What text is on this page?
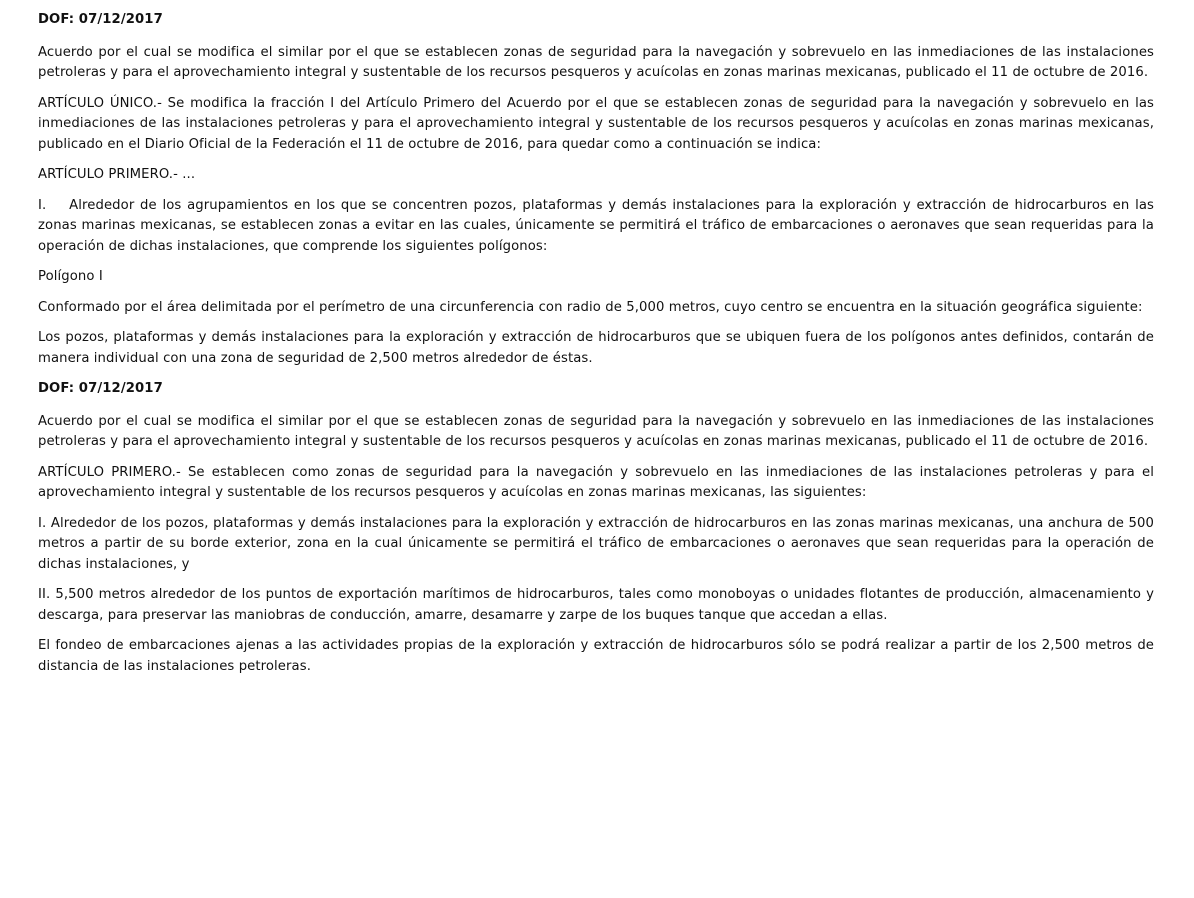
DOF: 07/12/2017

Acuerdo por el cual se modifica el similar por el que se establecen zonas de seguridad para la navegación y sobrevuelo en las inmediaciones de las instalaciones petroleras y para el aprovechamiento integral y sustentable de los recursos pesqueros y acuícolas en zonas marinas mexicanas, publicado el 11 de octubre de 2016.

ARTÍCULO ÚNICO.- Se modifica la fracción I del Artículo Primero del Acuerdo por el que se establecen zonas de seguridad para la navegación y sobrevuelo en las inmediaciones de las instalaciones petroleras y para el aprovechamiento integral y sustentable de los recursos pesqueros y acuícolas en zonas marinas mexicanas, publicado en el Diario Oficial de la Federación el 11 de octubre de 2016, para quedar como a continuación se indica:

ARTÍCULO PRIMERO.- ...

I.    Alrededor de los agrupamientos en los que se concentren pozos, plataformas y demás instalaciones para la exploración y extracción de hidrocarburos en las zonas marinas mexicanas, se establecen zonas a evitar en las cuales, únicamente se permitirá el tráfico de embarcaciones o aeronaves que sean requeridas para la operación de dichas instalaciones, que comprende los siguientes polígonos:

Polígono I

Conformado por el área delimitada por el perímetro de una circunferencia con radio de 5,000 metros, cuyo centro se encuentra en la situación geográfica siguiente:

Los pozos, plataformas y demás instalaciones para la exploración y extracción de hidrocarburos que se ubiquen fuera de los polígonos antes definidos, contarán de manera individual con una zona de seguridad de 2,500 metros alrededor de éstas.

DOF: 07/12/2017

Acuerdo por el cual se modifica el similar por el que se establecen zonas de seguridad para la navegación y sobrevuelo en las inmediaciones de las instalaciones petroleras y para el aprovechamiento integral y sustentable de los recursos pesqueros y acuícolas en zonas marinas mexicanas, publicado el 11 de octubre de 2016.

ARTÍCULO PRIMERO.- Se establecen como zonas de seguridad para la navegación y sobrevuelo en las inmediaciones de las instalaciones petroleras y para el aprovechamiento integral y sustentable de los recursos pesqueros y acuícolas en zonas marinas mexicanas, las siguientes:

I. Alrededor de los pozos, plataformas y demás instalaciones para la exploración y extracción de hidrocarburos en las zonas marinas mexicanas, una anchura de 500 metros a partir de su borde exterior, zona en la cual únicamente se permitirá el tráfico de embarcaciones o aeronaves que sean requeridas para la operación de dichas instalaciones, y

II. 5,500 metros alrededor de los puntos de exportación marítimos de hidrocarburos, tales como monoboyas o unidades flotantes de producción, almacenamiento y descarga, para preservar las maniobras de conducción, amarre, desamarre y zarpe de los buques tanque que accedan a ellas.

El fondeo de embarcaciones ajenas a las actividades propias de la exploración y extracción de hidrocarburos sólo se podrá realizar a partir de los 2,500 metros de distancia de las instalaciones petroleras.
